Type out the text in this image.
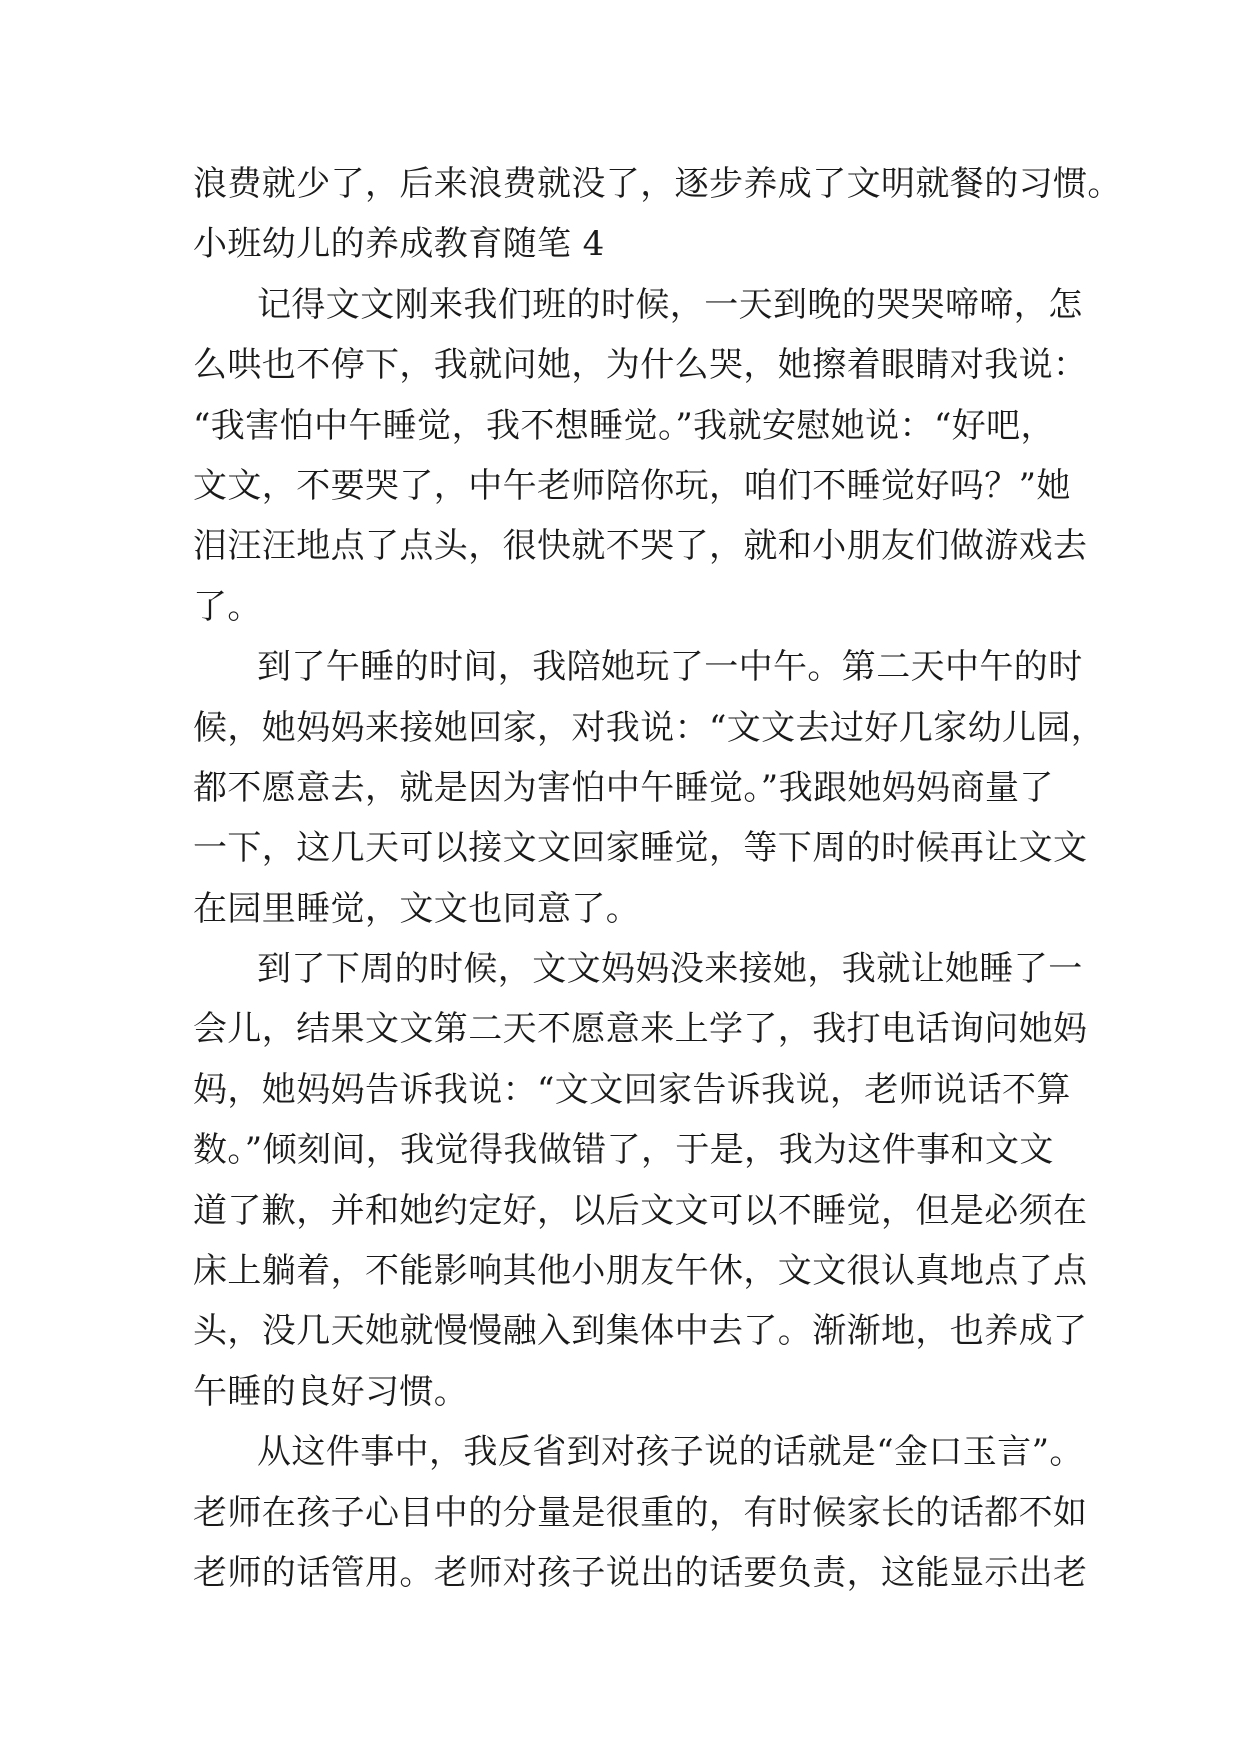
浪费就少了，后来浪费就没了，逐步养成了文明就餐的习惯。
小班幼儿的养成教育随笔 4
记得文文刚来我们班的时候，一天到晚的哭哭啼啼，怎
么哄也不停下，我就问她，为什么哭，她擦着眼睛对我说：
“我害怕中午睡觉，我不想睡觉。”我就安慰她说：“好吧，
文文，不要哭了，中午老师陪你玩，咱们不睡觉好吗？”她
泪汪汪地点了点头，很快就不哭了，就和小朋友们做游戏去
了。
到了午睡的时间，我陪她玩了一中午。第二天中午的时
候，她妈妈来接她回家，对我说：“文文去过好几家幼儿园，
都不愿意去，就是因为害怕中午睡觉。”我跟她妈妈商量了
一下，这几天可以接文文回家睡觉，等下周的时候再让文文
在园里睡觉，文文也同意了。
到了下周的时候，文文妈妈没来接她，我就让她睡了一
会儿，结果文文第二天不愿意来上学了，我打电话询问她妈
妈，她妈妈告诉我说：“文文回家告诉我说，老师说话不算
数。”倾刻间，我觉得我做错了，于是，我为这件事和文文
道了歉，并和她约定好，以后文文可以不睡觉，但是必须在
床上躺着，不能影响其他小朋友午休，文文很认真地点了点
头，没几天她就慢慢融入到集体中去了。渐渐地，也养成了
午睡的良好习惯。
从这件事中，我反省到对孩子说的话就是“金口玉言”。
老师在孩子心目中的分量是很重的，有时候家长的话都不如
老师的话管用。老师对孩子说出的话要负责，这能显示出老
